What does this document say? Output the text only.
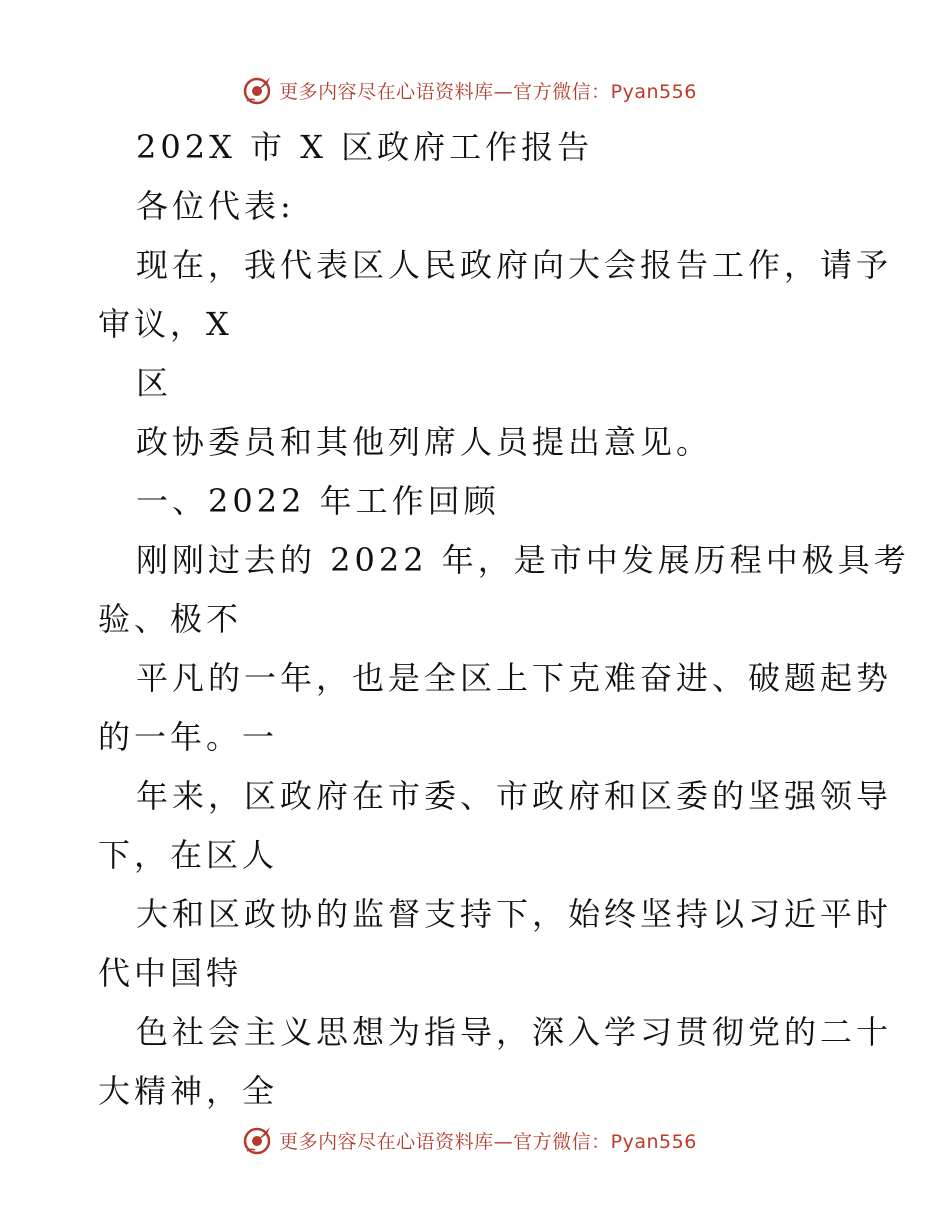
更多内容尽在心语资料库—官方微信：Pyan556
202X 市 X 区政府工作报告
各位代表:
现在，我代表区人民政府向大会报告工作，请予
审议，X
区
政协委员和其他列席人员提出意见。
一、2022 年工作回顾
刚刚过去的 2022 年，是市中发展历程中极具考
验、极不
平凡的一年，也是全区上下克难奋进、破题起势
的一年。一
年来，区政府在市委、市政府和区委的坚强领导
下，在区人
大和区政协的监督支持下，始终坚持以习近平时
代中国特
色社会主义思想为指导，深入学习贯彻党的二十
大精神，全
更多内容尽在心语资料库—官方微信：Pyan556
